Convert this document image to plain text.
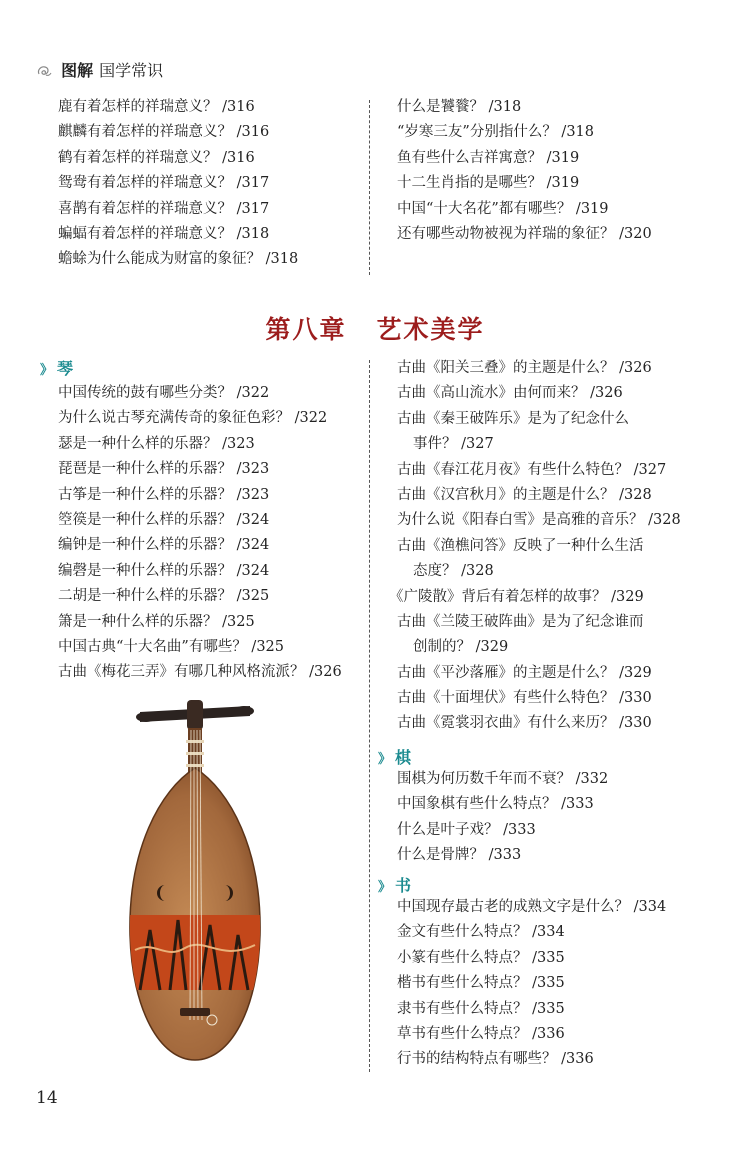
图解 国学常识
鹿有着怎样的祥瑞意义？ /316
麒麟有着怎样的祥瑞意义？ /316
鹤有着怎样的祥瑞意义？ /316
鸳鸯有着怎样的祥瑞意义？ /317
喜鹊有着怎样的祥瑞意义？ /317
蝙蝠有着怎样的祥瑞意义？ /318
蟾蜍为什么能成为财富的象征？ /318
什么是饕餮？ /318
“岁寒三友”分别指什么？ /318
鱼有些什么吉祥寓意？ /319
十二生肖指的是哪些？ /319
中国“十大名花”都有哪些？ /319
还有哪些动物被视为祥瑞的象征？ /320
第八章 艺术美学
》 琴
中国传统的鼓有哪些分类？ /322
为什么说古琴充满传奇的象征色彩？ /322
瑟是一种什么样的乐器？ /323
琵琶是一种什么样的乐器？ /323
古筝是一种什么样的乐器？ /323
箜篌是一种什么样的乐器？ /324
编钟是一种什么样的乐器？ /324
编磬是一种什么样的乐器？ /324
二胡是一种什么样的乐器？ /325
箫是一种什么样的乐器？ /325
中国古典“十大名曲”有哪些？ /325
古曲《梅花三弄》有哪几种风格流派？ /326
古曲《阳关三叠》的主题是什么？ /326
古曲《高山流水》由何而来？ /326
古曲《秦王破阵乐》是为了纪念什么
事件？ /327
古曲《春江花月夜》有些什么特色？ /327
古曲《汉宫秋月》的主题是什么？ /328
为什么说《阳春白雪》是高雅的音乐？ /328
古曲《渔樵问答》反映了一种什么生活
态度？ /328
《广陵散》背后有着怎样的故事？ /329
古曲《兰陵王破阵曲》是为了纪念谁而
创制的？ /329
古曲《平沙落雁》的主题是什么？ /329
古曲《十面埋伏》有些什么特色？ /330
古曲《霓裳羽衣曲》有什么来历？ /330
》 棋
围棋为何历数千年而不衰？ /332
中国象棋有些什么特点？ /333
什么是叶子戏？ /333
什么是骨牌？ /333
》 书
中国现存最古老的成熟文字是什么？ /334
金文有些什么特点？ /334
小篆有些什么特点？ /335
楷书有些什么特点？ /335
隶书有些什么特点？ /335
草书有些什么特点？ /336
行书的结构特点有哪些？ /336
14
